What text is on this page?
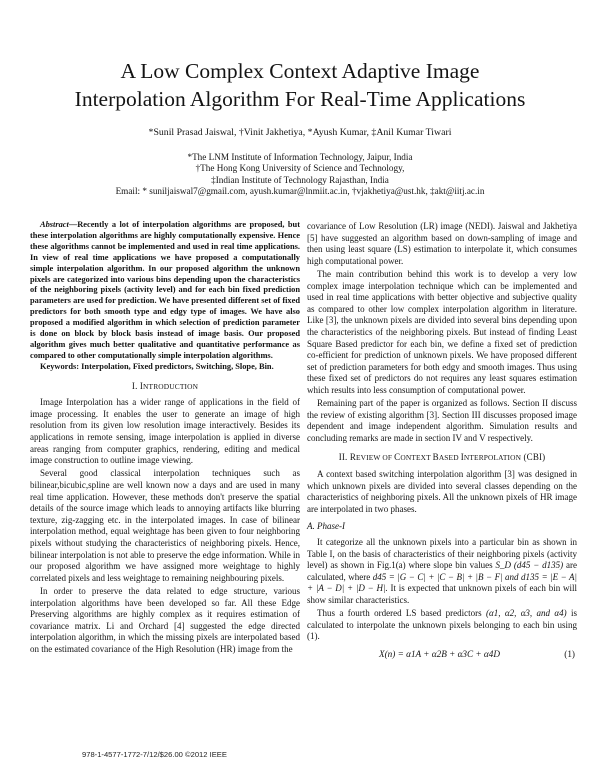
A Low Complex Context Adaptive Image
Interpolation Algorithm For Real-Time Applications
*Sunil Prasad Jaiswal, †Vinit Jakhetiya, *Ayush Kumar, ‡Anil Kumar Tiwari
*The LNM Institute of Information Technology, Jaipur, India
†The Hong Kong University of Science and Technology,
‡Indian Institute of Technology Rajasthan, India
Email: * suniljaiswal7@gmail.com, ayush.kumar@lnmiit.ac.in, †vjakhetiya@ust.hk, ‡akt@iitj.ac.in

Abstract—Recently a lot of interpolation algorithms are proposed, but these interpolation algorithms are highly computationally expensive. Hence these algorithms cannot be implemented and used in real time applications. In view of real time applications we have proposed a computationally simple interpolation algorithm. In our proposed algorithm the unknown pixels are categorized into various bins depending upon the characteristics of the neighboring pixels (activity level) and for each bin fixed prediction parameters are used for prediction. We have presented different set of fixed predictors for both smooth type and edgy type of images. We have also proposed a modified algorithm in which selection of prediction parameter is done on block by block basis instead of image basis. Our proposed algorithm gives much better qualitative and quantitative performance as compared to other computationally simple interpolation algorithms.

Keywords: Interpolation, Fixed predictors, Switching, Slope, Bin.

I. INTRODUCTION

Image Interpolation has a wider range of applications in the field of image processing. It enables the user to generate an image of high resolution from its given low resolution image interactively. Besides its applications in remote sensing, image interpolation is applied in diverse areas ranging from computer graphics, rendering, editing and medical image construction to outline image viewing.

Several good classical interpolation techniques such as bilinear,bicubic,spline are well known now a days and are used in many real time application. However, these methods don't preserve the spatial details of the source image which leads to annoying artifacts like blurring texture, zig-zagging etc. in the interpolated images. In case of bilinear interpolation method, equal weightage has been given to four neighboring pixels without studying the characteristics of neighboring pixels. Hence, bilinear interpolation is not able to preserve the edge information. While in our proposed algorithm we have assigned more weightage to highly correlated pixels and less weightage to remaining neighbouring pixels.

In order to preserve the data related to edge structure, various interpolation algorithms have been developed so far. All these Edge Preserving algorithms are highly complex as it requires estimation of covariance matrix. Li and Orchard [4] suggested the edge directed interpolation algorithm, in which the missing pixels are interpolated based on the estimated covariance of the High Resolution (HR) image from the

covariance of Low Resolution (LR) image (NEDI). Jaiswal and Jakhetiya [5] have suggested an algorithm based on down-sampling of image and then using least square (LS) estimation to interpolate it, which consumes high computational power.

The main contribution behind this work is to develop a very low complex image interpolation technique which can be implemented and used in real time applications with better objective and subjective quality as compared to other low complex interpolation algorithm in literature. Like [3], the unknown pixels are divided into several bins depending upon the characteristics of the neighboring pixels. But instead of finding Least Square Based predictor for each bin, we define a fixed set of prediction co-efficient for prediction of unknown pixels. We have proposed different set of prediction parameters for both edgy and smooth images. Thus using these fixed set of predictors do not requires any least squares estimation which results into less consumption of computational power.

Remaining part of the paper is organized as follows. Section II discuss the review of existing algorithm [3]. Section III discusses proposed image dependent and image independent algorithm. Simulation results and concluding remarks are made in section IV and V respectively.

II. REVIEW OF CONTEXT BASED INTERPOLATION (CBI)

A context based switching interpolation algorithm [3] was designed in which unknown pixels are divided into several classes depending on the characteristics of neighboring pixels. All the unknown pixels of HR image are interpolated in two phases.

A. Phase-I

It categorize all the unknown pixels into a particular bin as shown in Table I, on the basis of characteristics of their neighboring pixels (activity level) as shown in Fig.1(a) where slope bin values S_D (d45 − d135) are calculated, where d45 = |G − C| + |C − B| + |B − F| and d135 = |E − A| + |A − D| + |D − H|. It is expected that unknown pixels of each bin will show similar characteristics.

Thus a fourth ordered LS based predictors (α1, α2, α3, and α4) is calculated to interpolate the unknown pixels belonging to each bin using (1).

X(n) = α1A + α2B + α3C + α4D	(1)
978-1-4577-1772-7/12/$26.00 ©2012 IEEE
